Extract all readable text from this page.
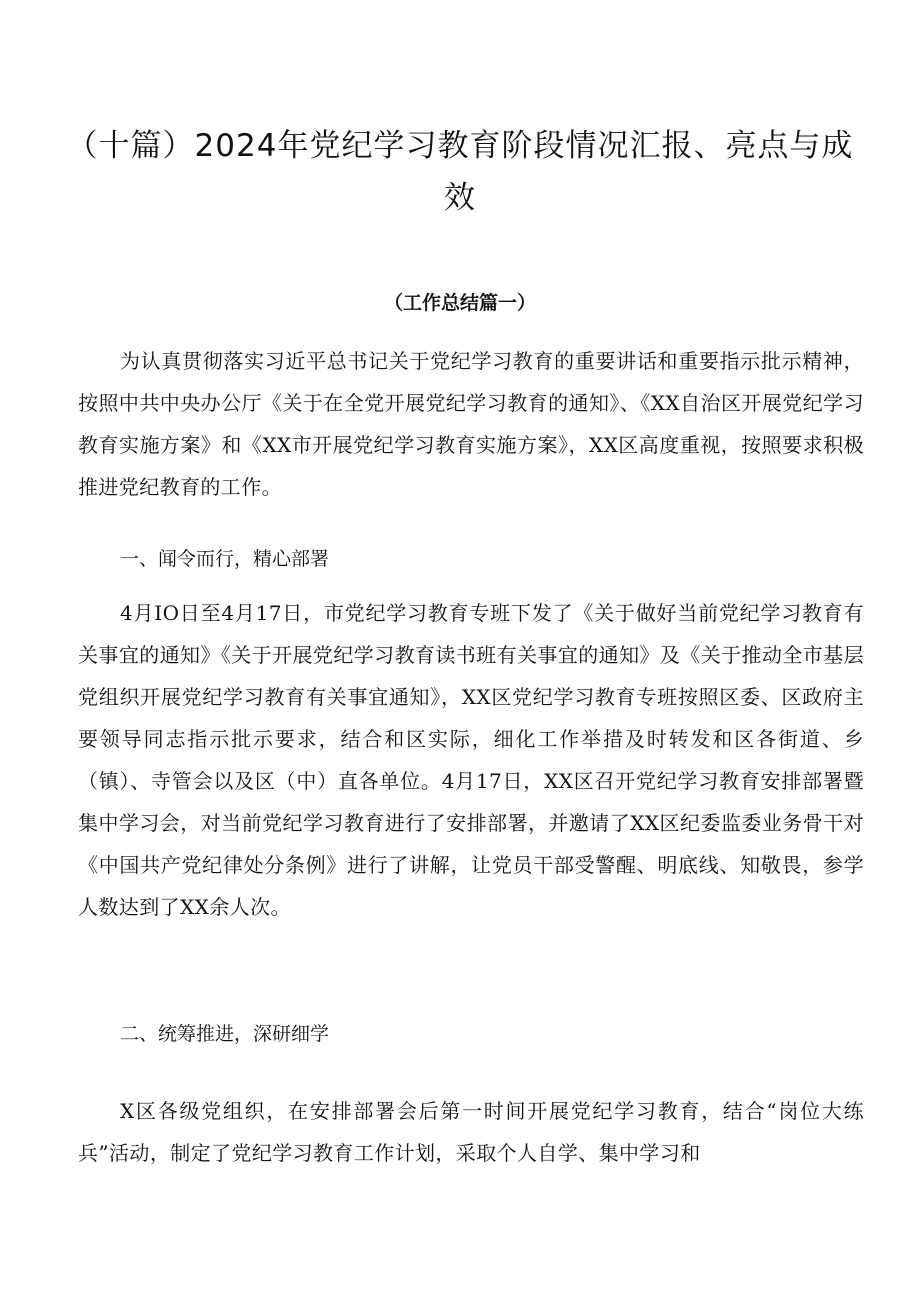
（十篇）2024年党纪学习教育阶段情况汇报、亮点与成效
（工作总结篇一）

为认真贯彻落实习近平总书记关于党纪学习教育的重要讲话和重要指示批示精神，按照中共中央办公厅《关于在全党开展党纪学习教育的通知》、《XX自治区开展党纪学习教育实施方案》和《XX市开展党纪学习教育实施方案》，XX区高度重视，按照要求积极推进党纪教育的工作。

一、闻令而行，精心部署

4月IO日至4月17日，市党纪学习教育专班下发了《关于做好当前党纪学习教育有关事宜的通知》《关于开展党纪学习教育读书班有关事宜的通知》及《关于推动全市基层党组织开展党纪学习教育有关事宜通知》，XX区党纪学习教育专班按照区委、区政府主要领导同志指示批示要求，结合和区实际，细化工作举措及时转发和区各街道、乡（镇）、寺管会以及区（中）直各单位。4月17日，XX区召开党纪学习教育安排部署暨集中学习会，对当前党纪学习教育进行了安排部署，并邀请了XX区纪委监委业务骨干对《中国共产党纪律处分条例》进行了讲解，让党员干部受警醒、明底线、知敬畏，参学人数达到了XX余人次。

二、统筹推进，深研细学

X区各级党组织，在安排部署会后第一时间开展党纪学习教育，结合“岗位大练兵”活动，制定了党纪学习教育工作计划，采取个人自学、集中学习和
